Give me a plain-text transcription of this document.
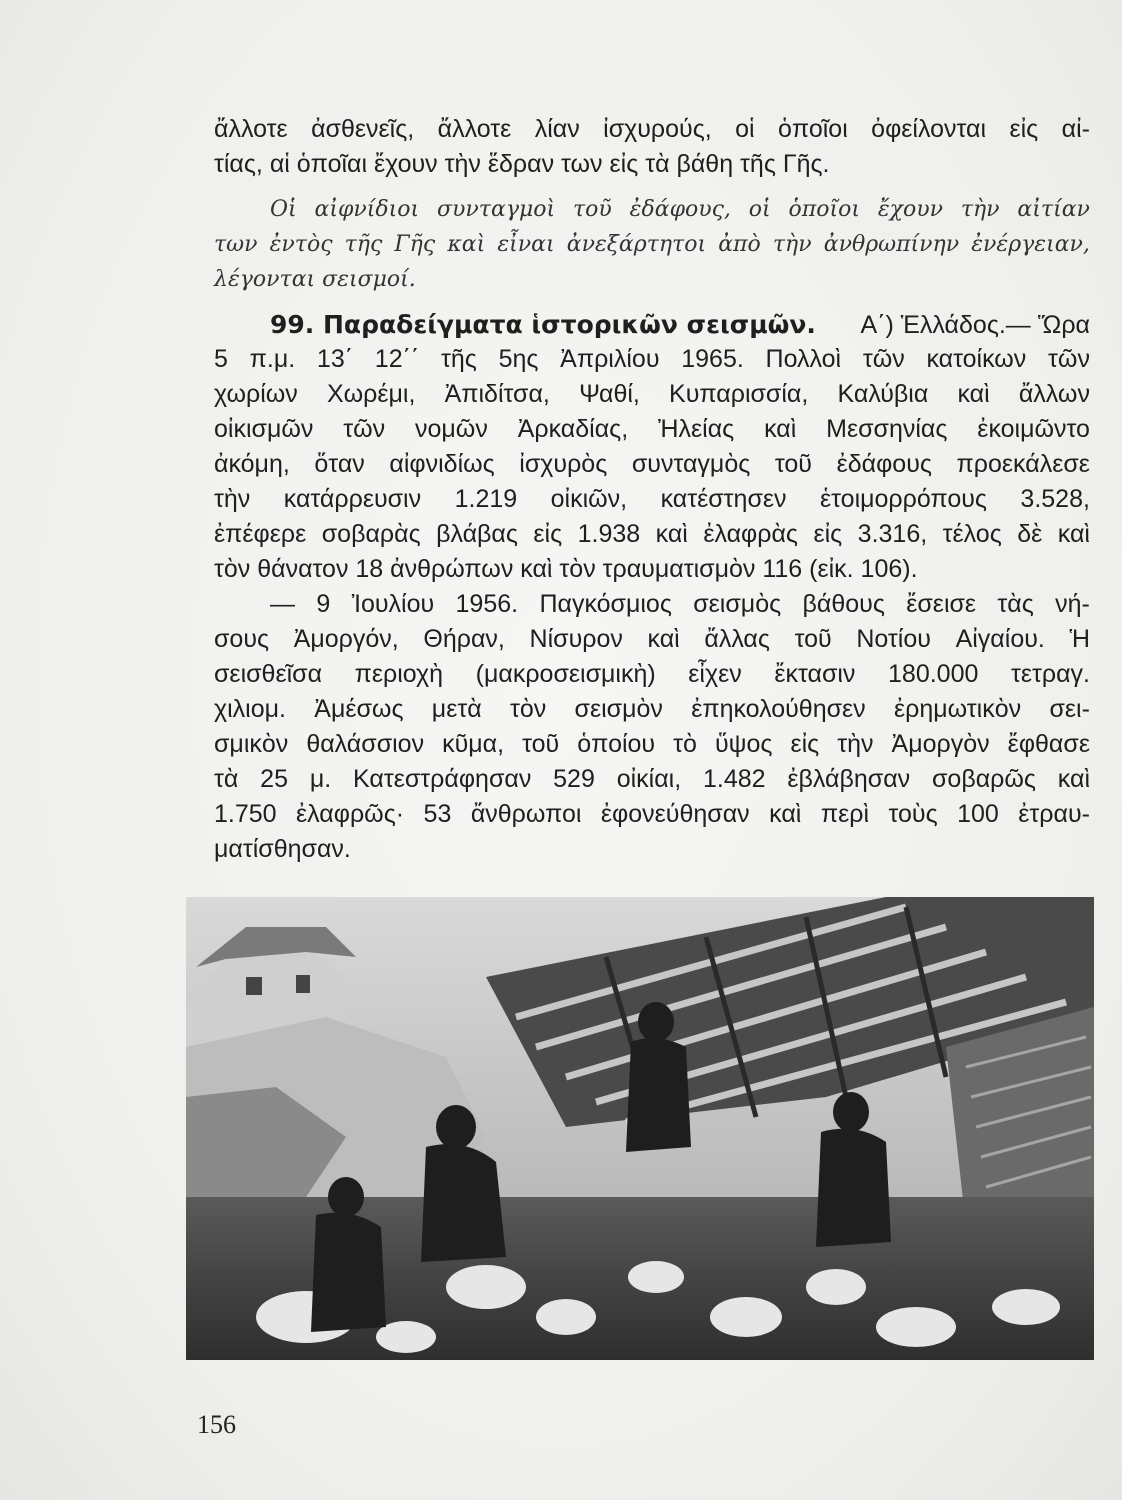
ἄλλοτε ἀσθενεῖς, ἄλλοτε λίαν ἰσχυρούς, οἱ ὁποῖοι ὀφείλονται εἰς αἰ-
τίας, αἱ ὁποῖαι ἔχουν τὴν ἕδραν των εἰς τὰ βάθη τῆς Γῆς.
Οἱ αἰφνίδιοι συνταγμοὶ τοῦ ἐδάφους, οἱ ὁποῖοι ἔχουν τὴν αἰτίαν
των ἐντὸς τῆς Γῆς καὶ εἶναι ἀνεξάρτητοι ἀπὸ τὴν ἀνθρωπίνην ἐνέργειαν,
λέγονται σεισμοί.
99. Παραδείγματα ἱστορικῶν σεισμῶν. Α΄) Ἑλλάδος.— Ὥρα
5 π.μ. 13΄ 12΄΄ τῆς 5ης Ἀπριλίου 1965. Πολλοὶ τῶν κατοίκων τῶν
χωρίων Χωρέμι, Ἀπιδίτσα, Ψαθί, Κυπαρισσία, Καλύβια καὶ ἄλλων
οἰκισμῶν τῶν νομῶν Ἀρκαδίας, Ἠλείας καὶ Μεσσηνίας ἐκοιμῶντο
ἀκόμη, ὅταν αἰφνιδίως ἰσχυρὸς συνταγμὸς τοῦ ἐδάφους προεκάλεσε
τὴν κατάρρευσιν 1.219 οἰκιῶν, κατέστησεν ἑτοιμορρόπους 3.528,
ἐπέφερε σοβαρὰς βλάβας εἰς 1.938 καὶ ἐλαφρὰς εἰς 3.316, τέλος δὲ καὶ
τὸν θάνατον 18 ἀνθρώπων καὶ τὸν τραυματισμὸν 116 (εἰκ. 106).
— 9 Ἰουλίου 1956. Παγκόσμιος σεισμὸς βάθους ἔσεισε τὰς νή-
σους Ἀμοργόν, Θήραν, Νίσυρον καὶ ἄλλας τοῦ Νοτίου Αἰγαίου. Ἡ
σεισθεῖσα περιοχὴ (μακροσεισμικὴ) εἶχεν ἔκτασιν 180.000 τετραγ.
χιλιομ. Ἀμέσως μετὰ τὸν σεισμὸν ἐπηκολούθησεν ἐρημωτικὸν σει-
σμικὸν θαλάσσιον κῦμα, τοῦ ὁποίου τὸ ὕψος εἰς τὴν Ἀμοργὸν ἔφθασε
τὰ 25 μ. Κατεστράφησαν 529 οἰκίαι, 1.482 ἐβλάβησαν σοβαρῶς καὶ
1.750 ἐλαφρῶς· 53 ἄνθρωποι ἐφονεύθησαν καὶ περὶ τοὺς 100 ἐτραυ-
ματίσθησαν.
156
